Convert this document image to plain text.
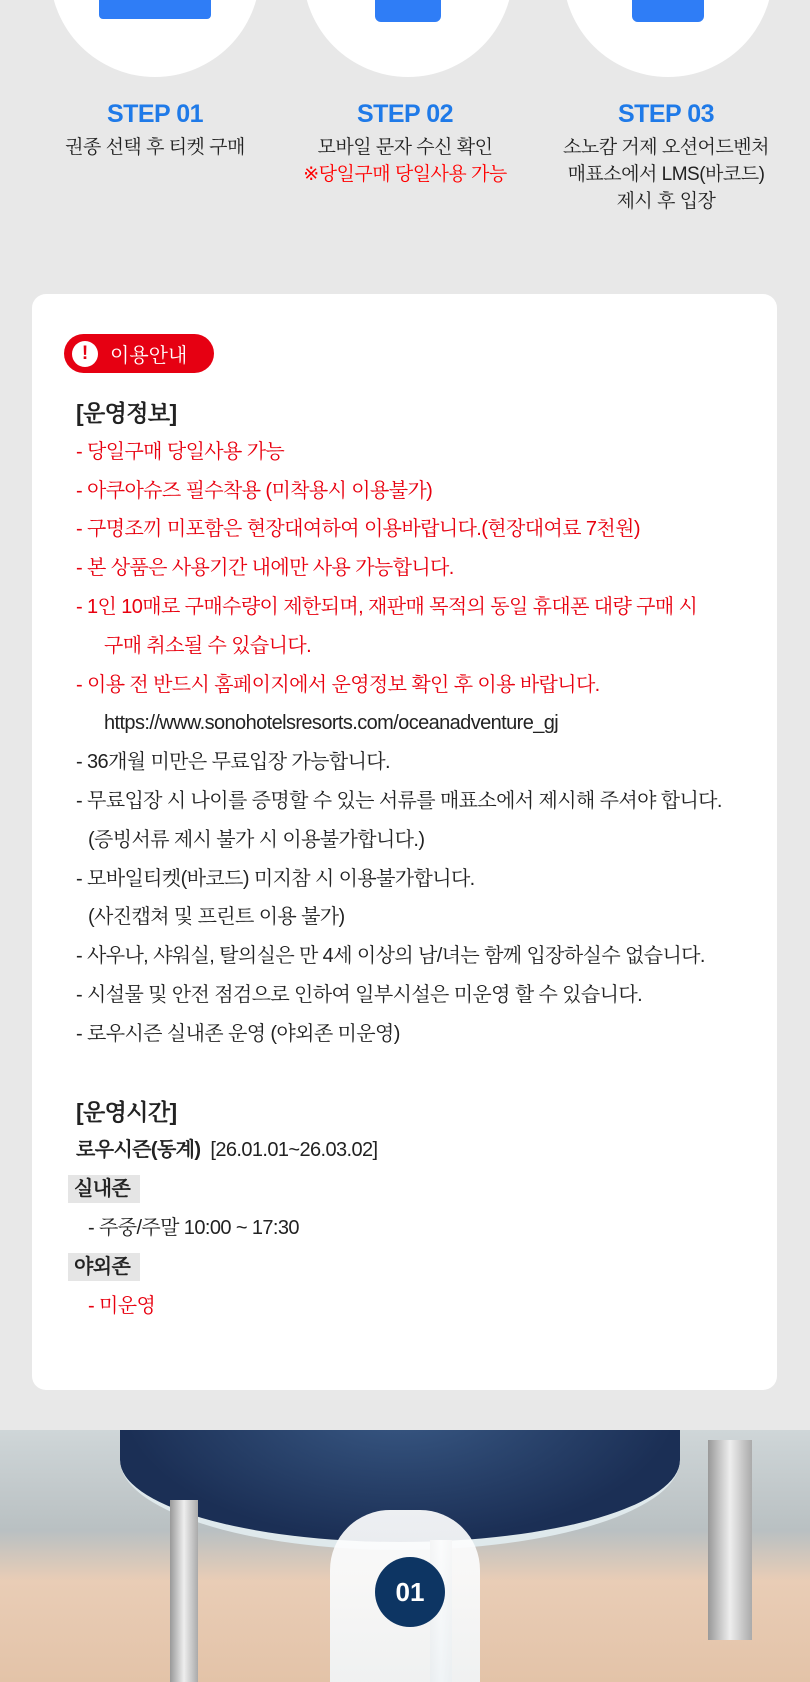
STEP 01
권종 선택 후 티켓 구매
STEP 02
모바일 문자 수신 확인
※당일구매 당일사용 가능
STEP 03
소노캄 거제 오션어드벤처
매표소에서 LMS(바코드)
제시 후 입장
!	이용안내
[운영정보]
- 당일구매 당일사용 가능
- 아쿠아슈즈 필수착용 (미착용시 이용불가)
- 구명조끼 미포함은 현장대여하여 이용바랍니다.(현장대여료 7천원)
- 본 상품은 사용기간 내에만 사용 가능합니다.
- 1인 10매로 구매수량이 제한되며, 재판매 목적의 동일 휴대폰 대량 구매 시
구매 취소될 수 있습니다.
- 이용 전 반드시 홈페이지에서 운영정보 확인 후 이용 바랍니다.
https://www.sonohotelsresorts.com/oceanadventure_gj
- 36개월 미만은 무료입장 가능합니다.
- 무료입장 시 나이를 증명할 수 있는 서류를 매표소에서 제시해 주셔야 합니다.
(증빙서류 제시 불가 시 이용불가합니다.)
- 모바일티켓(바코드) 미지참 시 이용불가합니다.
(사진캡쳐 및 프린트 이용 불가)
- 사우나, 샤워실, 탈의실은 만 4세 이상의 남/녀는 함께 입장하실수 없습니다.
- 시설물 및 안전 점검으로 인하여 일부시설은 미운영 할 수 있습니다.
- 로우시즌 실내존 운영 (야외존 미운영)
[운영시간]
로우시즌(동계) [26.01.01~26.03.02]
실내존
- 주중/주말 10:00 ~ 17:30
야외존
- 미운영
01
